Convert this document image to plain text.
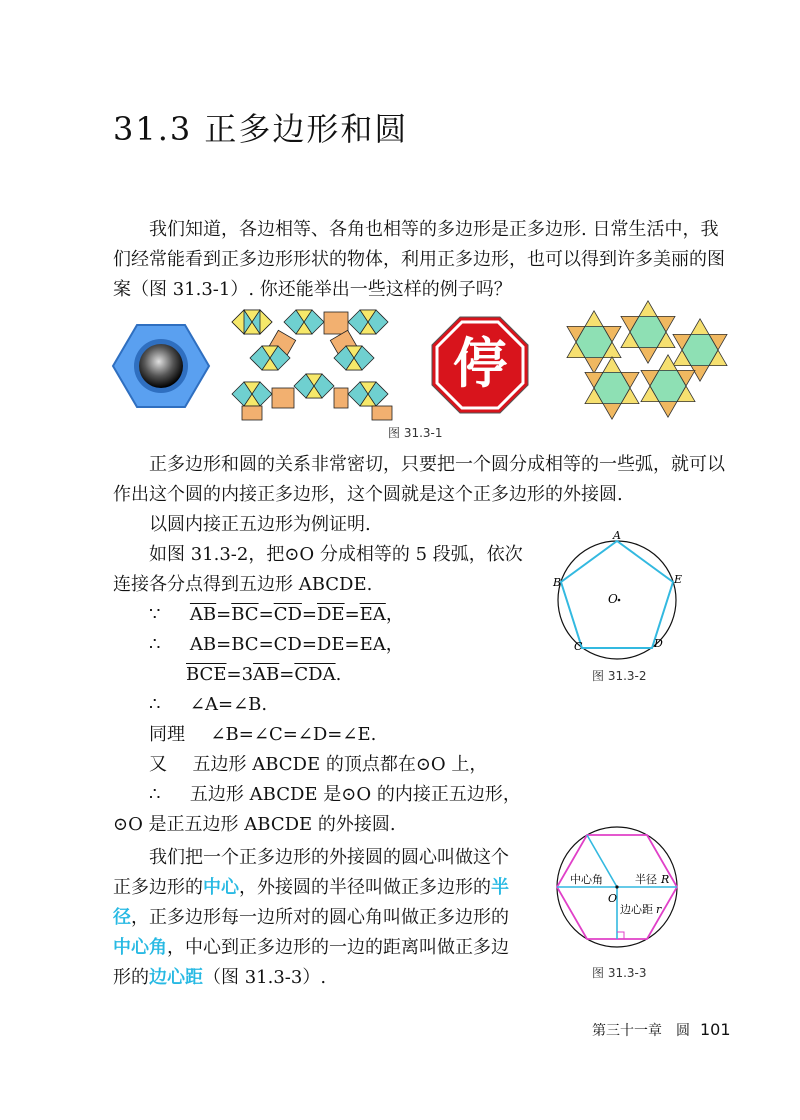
31.3 正多边形和圆
我们知道，各边相等、各角也相等的多边形是正多边形. 日常生活中，我
们经常能看到正多边形形状的物体，利用正多边形，也可以得到许多美丽的图
案（图 31.3-1）. 你还能举出一些这样的例子吗？
停
图 31.3-1
正多边形和圆的关系非常密切，只要把一个圆分成相等的一些弧，就可以
作出这个圆的内接正多边形，这个圆就是这个正多边形的外接圆.
以圆内接正五边形为例证明.
如图 31.3-2，把⊙O 分成相等的 5 段弧，依次
连接各分点得到五边形 ABCDE.
∵ $\overline{AB}=\overline{BC}=\overline{CD}=\overline{DE}=\overline{EA}$，
∴ AB=BC=CD=DE=EA，
$\overline{BCE}=3\overline{AB}=\overline{CDA}$.
∴ ∠A=∠B.
同理 ∠B=∠C=∠D=∠E.
又 五边形 ABCDE 的顶点都在⊙O 上，
∴ 五边形 ABCDE 是⊙O 的内接正五边形，
⊙O 是正五边形 ABCDE 的外接圆.
A
B
C	D
E
O
图 31.3-2
我们把一个正多边形的外接圆的圆心叫做这个
正多边形的中心，外接圆的半径叫做正多边形的半
径，正多边形每一边所对的圆心角叫做正多边形的
中心角，中心到正多边形的一边的距离叫做正多边
形的边心距（图 31.3-3）.
中心角	半径 R
O
边心距 r
图 31.3-3
第三十一章　圆 101
